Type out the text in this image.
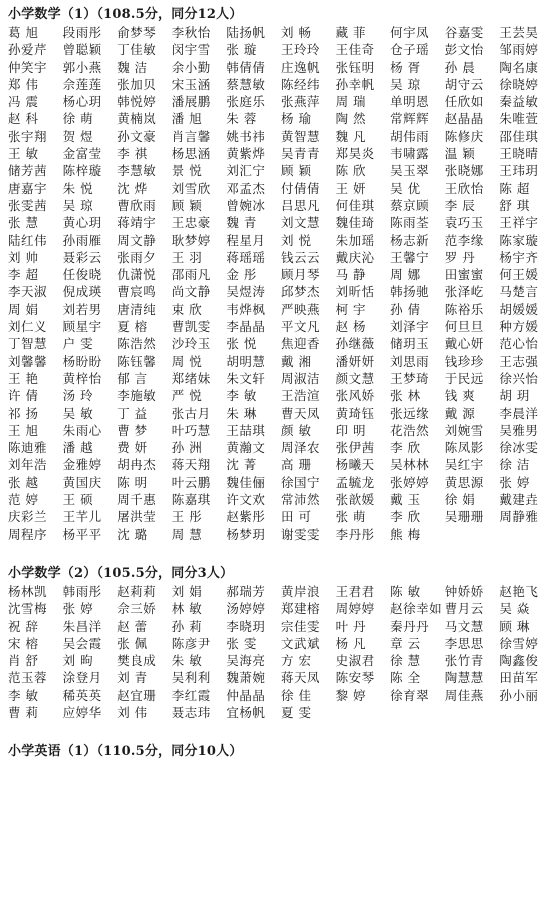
小学数学（1）（108.5分，同分12人）
葛 旭	段雨彤	俞梦琴	李秋怡	陆扬帆	刘 畅	藏 菲	何宇凤	谷嘉雯	王芸昊
孙爱芹	曾聪颖	丁佳敏	闵宇雪	张 璇	王玲玲	王佳奇	仓子瑶	彭文怡	邹雨婷
仲笑宇	郭小燕	魏 洁	余小勤	韩倩倩	庄逸帆	张钰明	杨 胥	孙 晨	陶名康
郑 伟	佘莲莲	张加贝	宋玉涵	蔡慧敏	陈经纬	孙幸帆	吴 琼	胡守云	徐晓婷
冯 震	杨心玥	韩悦婷	潘展鹏	张庭乐	张燕萍	周 瑞	单明恩	任欣如	秦益敏
赵 科	徐 萌	黄楠岚	潘 旭	朱 蓉	杨 瑜	陶 然	常辉辉	赵晶晶	朱唯萱
张宇翔	贺 煜	孙文豪	肖言馨	姚书祎	黄智慧	魏 凡	胡伟雨	陈修庆	邵佳琪
王 敏	金富莹	李 祺	杨思涵	黄紫烨	吴青青	郑昊炎	韦啸露	温 颖	王晓晴
储芳茜	陈梓璇	李慧敏	景 悦	刘汇宁	顾 颖	陈 欣	吴玉翠	张晓娜	王玮玥
唐嘉宇	朱 悦	沈 烨	刘雪欣	邓孟杰	付倩倩	王 妍	吴 优	王欣怡	陈 超
张雯茜	吴 琼	曹欣雨	顾 颖	曾婉冰	吕思凡	何佳琪	蔡京顾	李 辰	舒 琪
张 慧	黄心玥	蒋靖宇	王忠豪	魏 青	刘文慧	魏佳琦	陈雨荃	袁巧玉	王祥宇
陆红伟	孙雨雁	周文静	耿梦婷	程星月	刘 悦	朱加瑶	杨志新	范李缘	陈家璇
刘 帅	聂彩云	张雨夕	王 羽	蒋瑶瑶	钱云云	戴庆沁	王馨宁	罗 丹	杨宇齐
李 超	任俊晓	仇潇悦	邵雨凡	金 彤	顾月琴	马 静	周 娜	田蜜蜜	何王媛
李天淑	倪成瑛	曹宸鸣	尚文静	吴煜涛	邱梦杰	刘昕恬	韩扬驰	张泽屹	马楚言
周 娟	刘若男	唐清纯	束 欣	韦烨枫	严映燕	柯 宇	孙 倩	陈裕乐	胡媛媛
刘仁义	顾星宇	夏 榕	曹凯雯	李晶晶	平文凡	赵 杨	刘泽宇	何旦旦	种方媛
丁智慧	户 雯	陈浩然	沙玲玉	张 悦	焦迎香	孙继薇	储玥玉	戴心妍	范心怡
刘馨馨	杨盼盼	陈钰馨	周 悦	胡明慧	戴 湘	潘妍妍	刘思雨	钱珍珍	王志强
王 艳	黄梓怡	郁 言	郑绪妹	朱文轩	周淑洁	颜文慧	王梦琦	于民远	徐兴怡
许 倩	汤 玲	李施敏	严 悦	李 敏	王浩渲	张风娇	张 林	钱 爽	胡 玥
祁 扬	吴 敏	丁 益	张古月	朱 琳	曹天凤	黄琦钰	张远缘	戴 源	李晨洋
王 旭	朱雨心	曹 梦	叶巧慧	王喆琪	颜 敏	印 明	花浩然	刘婉雪	吴雅男
陈迪雅	潘 越	费 妍	孙 洲	黄瀚文	周泽农	张伊茜	李 欣	陈凤影	徐冰雯
刘年浩	金雅婷	胡冉杰	蒋天翔	沈 菁	高 珊	杨曦天	吴林林	吴红宇	徐 洁
张 越	黄国庆	陈 明	叶云鹏	魏佳俪	徐国宁	孟毓龙	张婷婷	黄思源	张 婷
范 婷	王 硕	周千惠	陈嘉琪	许文欢	常沛然	张歆媛	戴 玉	徐 娟	戴建垚
庆彩兰	王芊儿	屠洪莹	王 彤	赵紫彤	田 可	张 萌	李 欣	吴珊珊	周静雅
周程序	杨平平	沈 璐	周 慧	杨梦玥	谢雯雯	李丹彤	熊 梅
小学数学（2）（105.5分，同分3人）
杨林凯	韩雨彤	赵莉莉	刘 娟	郝瑞芳	黄岸浪	王君君	陈 敏	钟娇娇	赵艳飞
沈雪梅	张 婷	佘三娇	林 敏	汤婷婷	郑建榕	周婷婷	赵徐幸如 曹月云	吴 焱
祝 辞	朱昌洋	赵 蕾	孙 莉	李晓玥	宗佳雯	叶 丹	秦丹丹	马文慧	顾 琳
宋 榕	吴会霞	张 佩	陈彦尹	张 雯	文武斌	杨 凡	章 云	李思思	徐雪婷
肖 舒	刘 昫	樊良成	朱 敏	吴海亮	方 宏	史淑君	徐 慧	张竹青	陶鑫俊
范玉蓉	涂登月	刘 青	吴利利	魏萧婉	蒋天凤	陈安琴	陈 全	陶慧慧	田苗军
李 敏	稀英英	赵宜珊	李红霞	仲晶晶	徐 佳	黎 婷	徐育翠	周佳燕	孙小丽
曹 莉	应婷华	刘 伟	聂志玮	宜杨帆	夏 雯
小学英语（1）（110.5分，同分10人）
